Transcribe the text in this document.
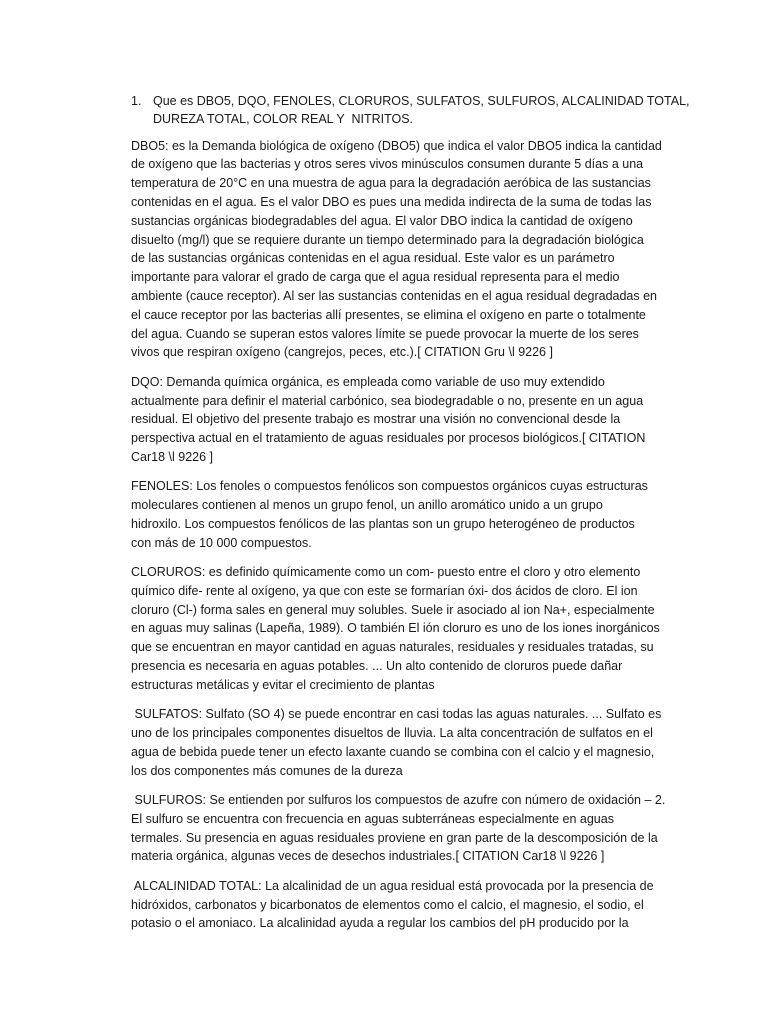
1. Que es DBO5, DQO, FENOLES, CLORUROS, SULFATOS, SULFUROS, ALCALINIDAD TOTAL,
DUREZA TOTAL, COLOR REAL Y  NITRITOS.
DBO5: es la Demanda biológica de oxígeno (DBO5) que indica el valor DBO5 indica la cantidad
de oxígeno que las bacterias y otros seres vivos minúsculos consumen durante 5 días a una
temperatura de 20°C en una muestra de agua para la degradación aeróbica de las sustancias
contenidas en el agua. Es el valor DBO es pues una medida indirecta de la suma de todas las
sustancias orgánicas biodegradables del agua. El valor DBO indica la cantidad de oxígeno
disuelto (mg/l) que se requiere durante un tiempo determinado para la degradación biológica
de las sustancias orgánicas contenidas en el agua residual. Este valor es un parámetro
importante para valorar el grado de carga que el agua residual representa para el medio
ambiente (cauce receptor). Al ser las sustancias contenidas en el agua residual degradadas en
el cauce receptor por las bacterias allí presentes, se elimina el oxígeno en parte o totalmente
del agua. Cuando se superan estos valores límite se puede provocar la muerte de los seres
vivos que respiran oxígeno (cangrejos, peces, etc.).[ CITATION Gru \l 9226 ]
DQO: Demanda química orgánica, es empleada como variable de uso muy extendido
actualmente para definir el material carbónico, sea biodegradable o no, presente en un agua
residual. El objetivo del presente trabajo es mostrar una visión no convencional desde la
perspectiva actual en el tratamiento de aguas residuales por procesos biológicos.[ CITATION
Car18 \l 9226 ]
FENOLES: Los fenoles o compuestos fenólicos son compuestos orgánicos cuyas estructuras
moleculares contienen al menos un grupo fenol, un anillo aromático unido a un grupo
hidroxilo. Los compuestos fenólicos de las plantas son un grupo heterogéneo de productos
con más de 10 000 compuestos.
CLORUROS: es definido químicamente como un com- puesto entre el cloro y otro elemento
químico dife- rente al oxígeno, ya que con este se formarían óxi- dos ácidos de cloro. El ion
cloruro (Cl-) forma sales en general muy solubles. Suele ir asociado al ion Na+, especialmente
en aguas muy salinas (Lapeña, 1989). O también El ión cloruro es uno de los iones inorgánicos
que se encuentran en mayor cantidad en aguas naturales, residuales y residuales tratadas, su
presencia es necesaria en aguas potables. ... Un alto contenido de cloruros puede dañar
estructuras metálicas y evitar el crecimiento de plantas
SULFATOS: Sulfato (SO 4) se puede encontrar en casi todas las aguas naturales. ... Sulfato es
uno de los principales componentes disueltos de lluvia. La alta concentración de sulfatos en el
agua de bebida puede tener un efecto laxante cuando se combina con el calcio y el magnesio,
los dos componentes más comunes de la dureza
SULFUROS: Se entienden por sulfuros los compuestos de azufre con número de oxidación – 2.
El sulfuro se encuentra con frecuencia en aguas subterráneas especialmente en aguas
termales. Su presencia en aguas residuales proviene en gran parte de la descomposición de la
materia orgánica, algunas veces de desechos industriales.[ CITATION Car18 \l 9226 ]
ALCALINIDAD TOTAL: La alcalinidad de un agua residual está provocada por la presencia de
hidróxidos, carbonatos y bicarbonatos de elementos como el calcio, el magnesio, el sodio, el
potasio o el amoniaco. La alcalinidad ayuda a regular los cambios del pH producido por la
